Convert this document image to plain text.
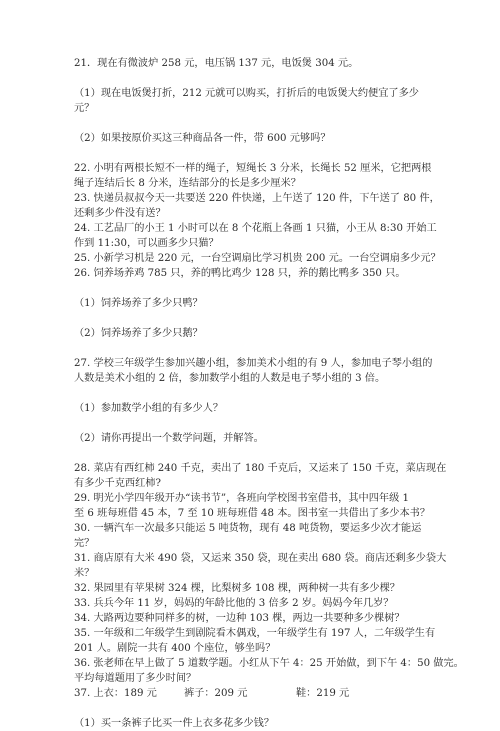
21．现在有微波炉 258 元，电压锅 137 元，电饭煲 304 元。

（1）现在电饭煲打折，212 元就可以购买，打折后的电饭煲大约便宜了多少

元？

（2）如果按原价买这三种商品各一件，带 600 元够吗？

22. 小明有两根长短不一样的绳子，短绳长 3 分米，长绳长 52 厘米，它把两根

绳子连结后长 8 分米，连结部分的长是多少厘米？

23. 快递员叔叔今天一共要送 220 件快递，上午送了 120 件，下午送了 80 件，

还剩多少件没有送？

24. 工艺品厂的小王 1 小时可以在 8 个花瓶上各画 1 只猫，小王从 8:30 开始工

作到 11:30，可以画多少只猫？

25. 小新学习机是 220 元，一台空调扇比学习机贵 200 元。一台空调扇多少元？

26. 饲养场养鸡 785 只，养的鸭比鸡少 128 只，养的鹅比鸭多 350 只。

（1）饲养场养了多少只鸭？

（2）饲养场养了多少只鹅？

27. 学校三年级学生参加兴趣小组，参加美术小组的有 9 人，参加电子琴小组的

人数是美术小组的 2 倍，参加数学小组的人数是电子琴小组的 3 倍。

（1）参加数学小组的有多少人？

（2）请你再提出一个数学问题，并解答。

28. 菜店有西红柿 240 千克，卖出了 180 千克后，又运来了 150 千克，菜店现在

有多少千克西红柿?

29. 明光小学四年级开办“读书节”，各班向学校图书室借书，其中四年级 1

至 6 班每班借 45 本，7 至 10 班每班借 48 本。图书室一共借出了多少本书？

30. 一辆汽车一次最多只能运 5 吨货物，现有 48 吨货物，要运多少次才能运

完？

31. 商店原有大米 490 袋，又运来 350 袋，现在卖出 680 袋。商店还剩多少袋大

米？

32. 果园里有苹果树 324 棵，比梨树多 108 棵，两种树一共有多少棵？

33. 兵兵今年 11 岁，妈妈的年龄比他的 3 倍多 2 岁。妈妈今年几岁？

34. 大路两边要种同样多的树，一边种 103 棵，两边一共要种多少棵树？

35. 一年级和二年级学生到剧院看木偶戏，一年级学生有 197 人，二年级学生有

201 人。剧院一共有 400 个座位，够坐吗？

36. 张老师在早上做了 5 道数学题。小红从下午 4：25 开始做，到下午 4：50 做完。

平均每道题用了多少时间？

37. 上衣：189 元	裤子：209 元	鞋：219 元

（1）买一条裤子比买一件上衣多花多少钱？
